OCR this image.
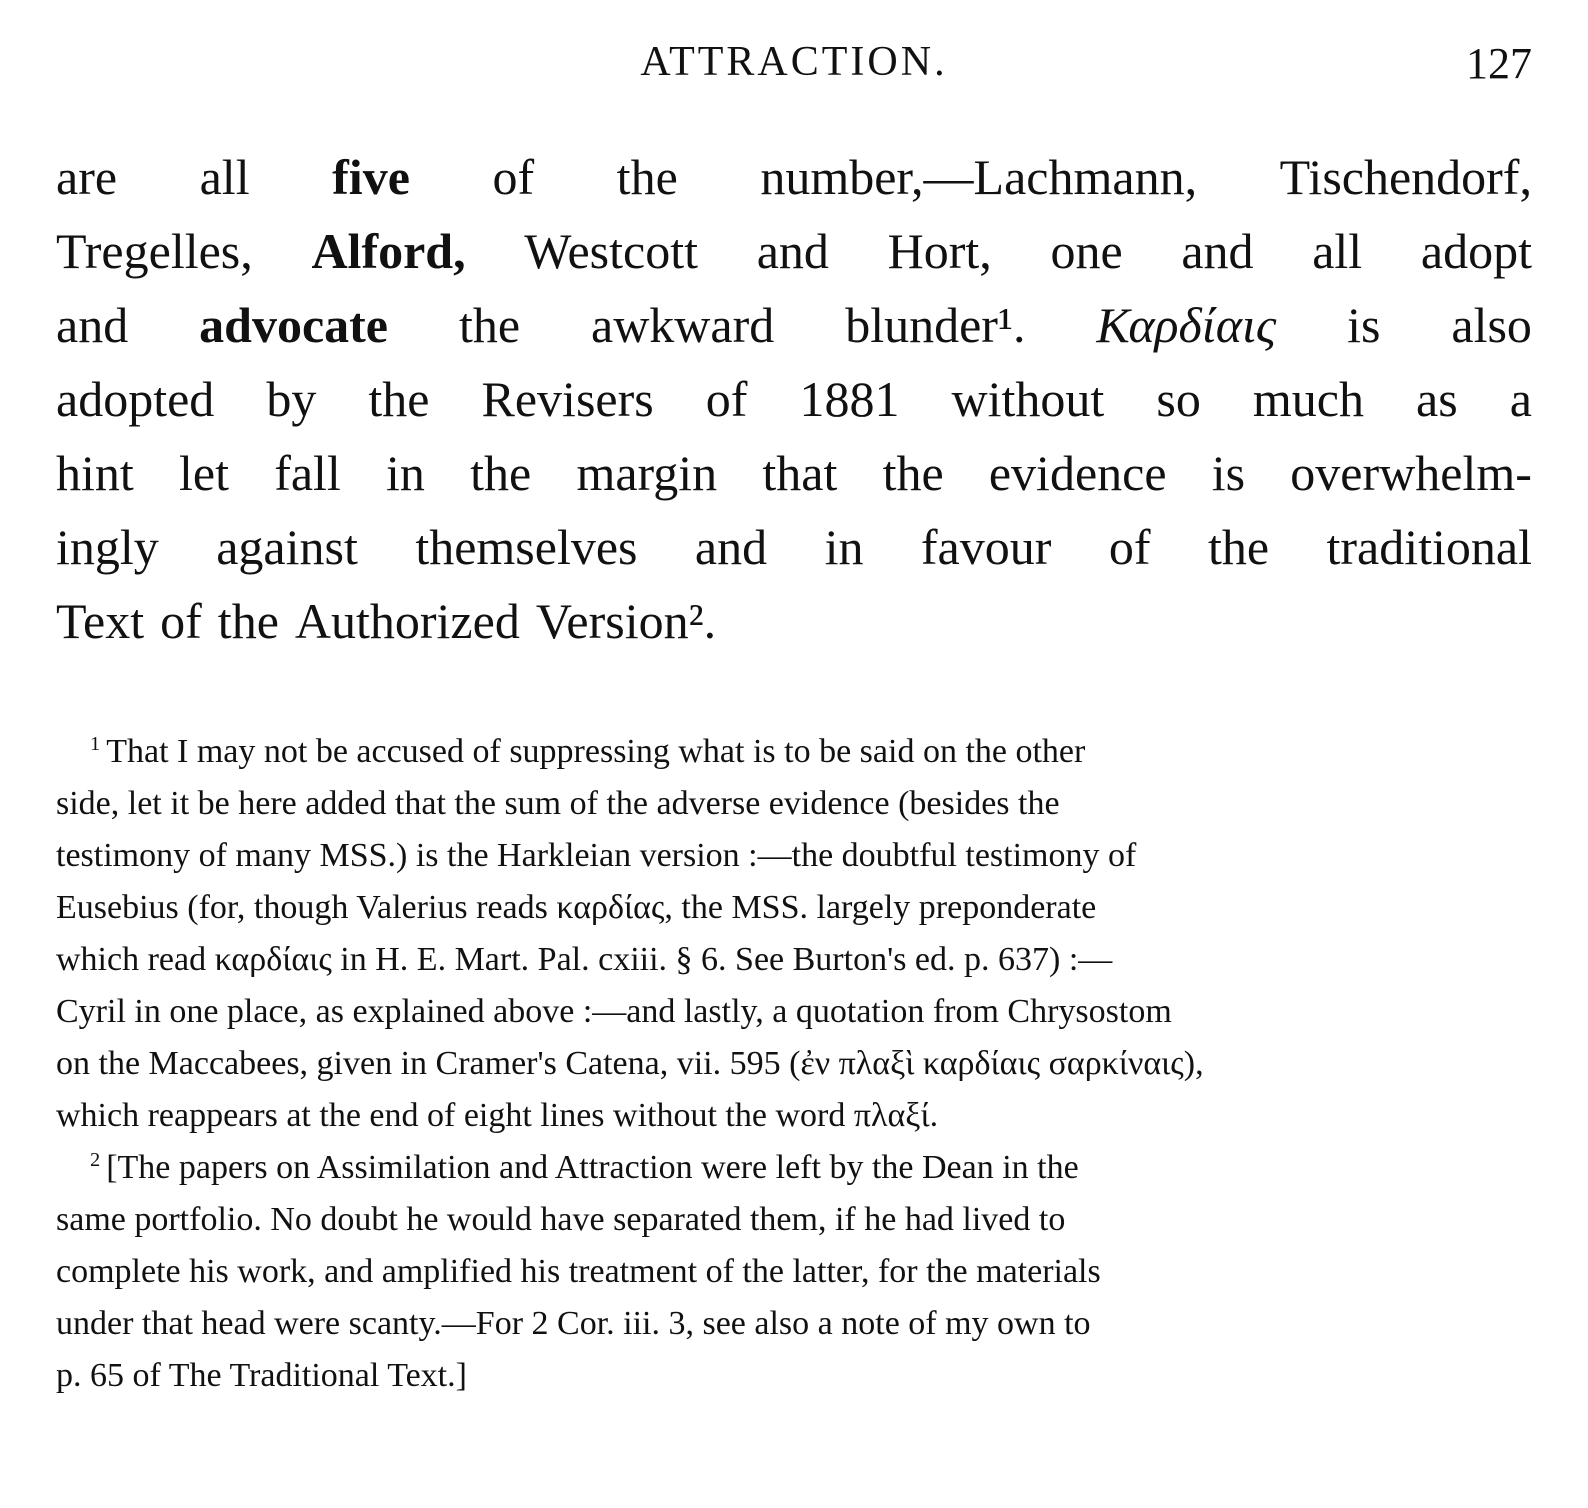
ATTRACTION.	127
are all five of the number,—Lachmann, Tischendorf,
Tregelles, Alford, Westcott and Hort, one and all adopt
and advocate the awkward blunder¹. Καρδίαις is also
adopted by the Revisers of 1881 without so much as a
hint let fall in the margin that the evidence is overwhelm-
ingly against themselves and in favour of the traditional
Text of the Authorized Version².
$^1$ That I may not be accused of suppressing what is to be said on the other
side, let it be here added that the sum of the adverse evidence (besides the
testimony of many MSS.) is the Harkleian version :—the doubtful testimony of
Eusebius (for, though Valerius reads καρδίας, the MSS. largely preponderate
which read καρδίαις in H. E. Mart. Pal. cxiii. § 6. See Burton's ed. p. 637) :—
Cyril in one place, as explained above :—and lastly, a quotation from Chrysostom
on the Maccabees, given in Cramer's Catena, vii. 595 (ἐν πλαξὶ καρδίαις σαρκίναις),
which reappears at the end of eight lines without the word πλαξί.
$^2$ [The papers on Assimilation and Attraction were left by the Dean in the
same portfolio. No doubt he would have separated them, if he had lived to
complete his work, and amplified his treatment of the latter, for the materials
under that head were scanty.—For 2 Cor. iii. 3, see also a note of my own to
p. 65 of The Traditional Text.]
